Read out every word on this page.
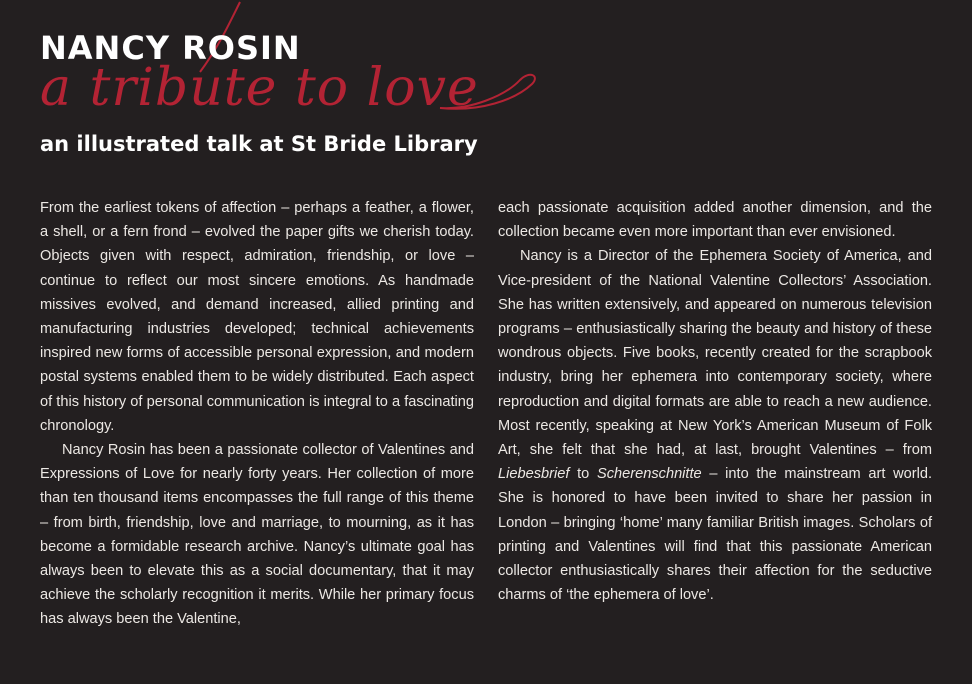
NANCY ROSIN
a tribute to love
an illustrated talk at St Bride Library

From the earliest tokens of affection – perhaps a feather, a flower, a shell, or a fern frond – evolved the paper gifts we cherish today. Objects given with respect, admiration, friendship, or love – continue to reflect our most sincere emotions. As handmade missives evolved, and demand increased, allied printing and manufacturing industries developed; technical achievements inspired new forms of accessible personal expression, and modern postal systems enabled them to be widely distributed. Each aspect of this history of personal communication is integral to a fascinating chronology.

Nancy Rosin has been a passionate collector of Valentines and Expressions of Love for nearly forty years. Her collection of more than ten thousand items encompasses the full range of this theme – from birth, friendship, love and marriage, to mourning, as it has become a formidable research archive. Nancy’s ultimate goal has always been to elevate this as a social documentary, that it may achieve the scholarly recognition it merits. While her primary focus has always been the Valentine,

each passionate acquisition added another dimension, and the collection became even more important than ever envisioned.

Nancy is a Director of the Ephemera Society of America, and Vice-president of the National Valentine Collectors’ Association. She has written extensively, and appeared on numerous television programs – enthusiastically sharing the beauty and history of these wondrous objects. Five books, recently created for the scrapbook industry, bring her ephemera into contemporary society, where reproduction and digital formats are able to reach a new audience. Most recently, speaking at New York’s American Museum of Folk Art, she felt that she had, at last, brought Valentines – from Liebesbrief to Scherenschnitte – into the mainstream art world. She is honored to have been invited to share her passion in London – bringing ‘home’ many familiar British images. Scholars of printing and Valentines will find that this passionate American collector enthusiastically shares their affection for the seductive charms of ‘the ephemera of love’.
